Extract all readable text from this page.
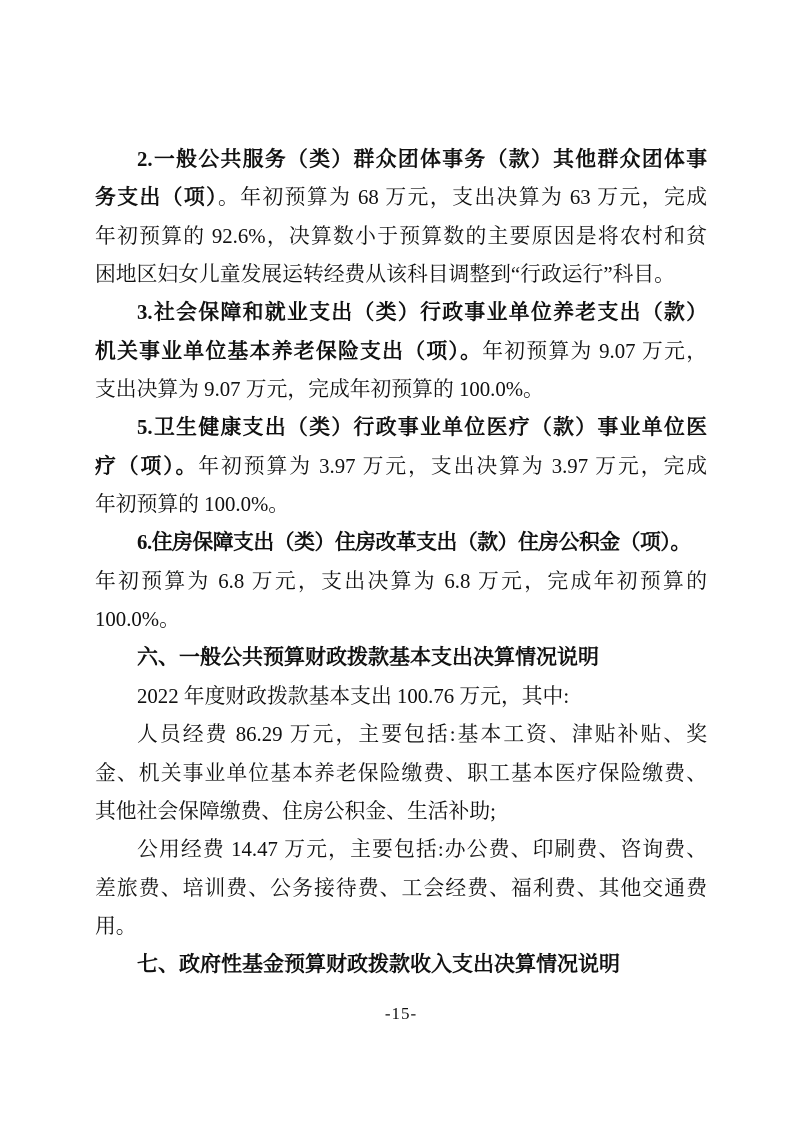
2.一般公共服务（类）群众团体事务（款）其他群众团体事
务支出（项）。年初预算为 68 万元，支出决算为 63 万元，完成
年初预算的 92.6%，决算数小于预算数的主要原因是将农村和贫
困地区妇女儿童发展运转经费从该科目调整到“行政运行”科目。
3.社会保障和就业支出（类）行政事业单位养老支出（款）
机关事业单位基本养老保险支出（项）。年初预算为 9.07 万元，
支出决算为 9.07 万元，完成年初预算的 100.0%。
5.卫生健康支出（类）行政事业单位医疗（款）事业单位医
疗（项）。年初预算为 3.97 万元，支出决算为 3.97 万元，完成
年初预算的 100.0%。
6.住房保障支出（类）住房改革支出（款）住房公积金（项）。
年初预算为 6.8 万元，支出决算为 6.8 万元，完成年初预算的
100.0%。
六、一般公共预算财政拨款基本支出决算情况说明
2022 年度财政拨款基本支出 100.76 万元，其中:
人员经费 86.29 万元，主要包括:基本工资、津贴补贴、奖
金、机关事业单位基本养老保险缴费、职工基本医疗保险缴费、
其他社会保障缴费、住房公积金、生活补助;
公用经费 14.47 万元，主要包括:办公费、印刷费、咨询费、
差旅费、培训费、公务接待费、工会经费、福利费、其他交通费
用。
七、政府性基金预算财政拨款收入支出决算情况说明
-15-
